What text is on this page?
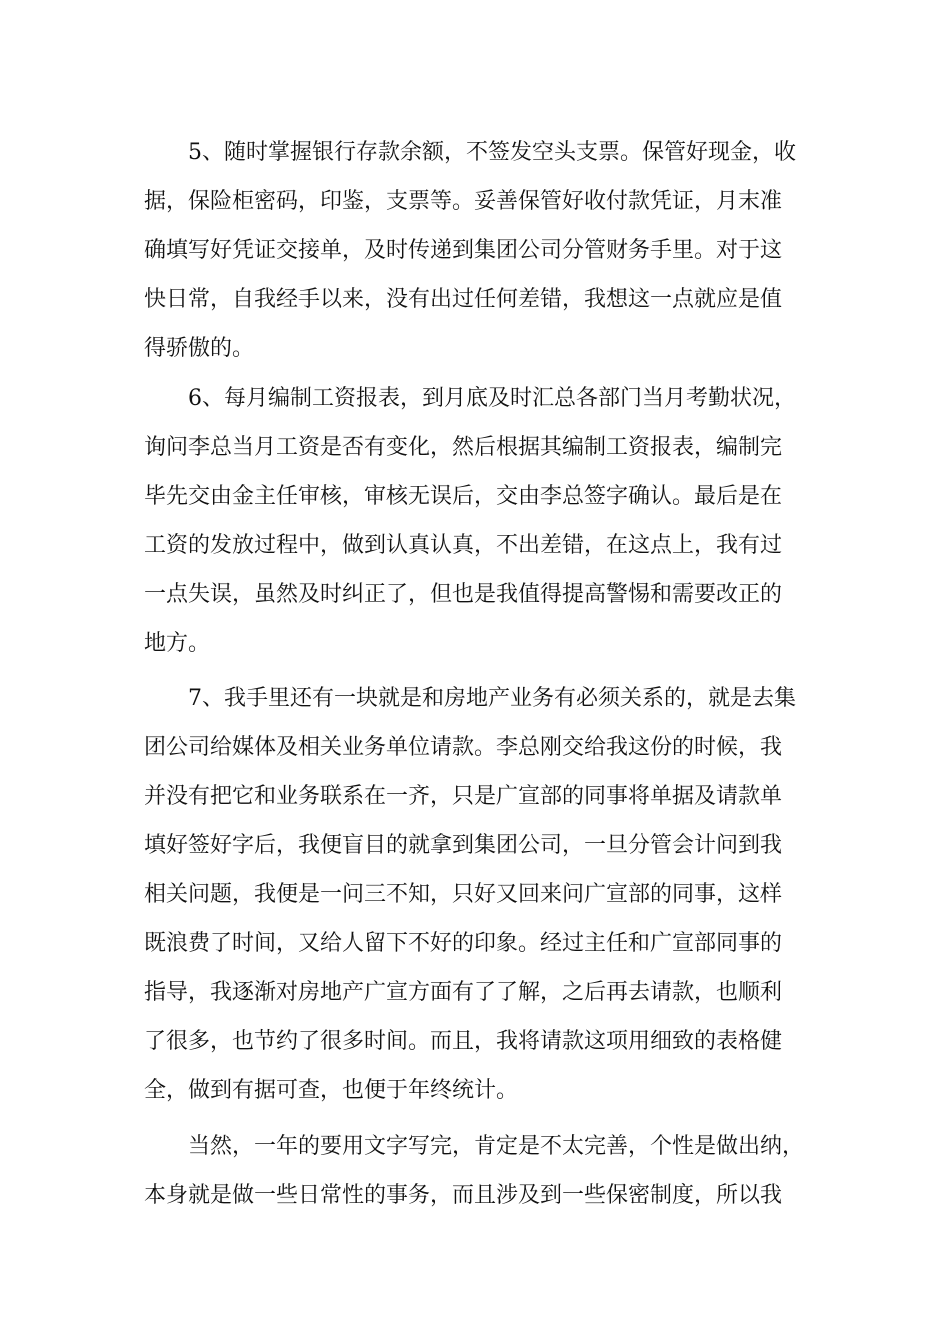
5、随时掌握银行存款余额，不签发空头支票。保管好现金，收
据，保险柜密码，印鉴，支票等。妥善保管好收付款凭证，月末准
确填写好凭证交接单，及时传递到集团公司分管财务手里。对于这
快日常，自我经手以来，没有出过任何差错，我想这一点就应是值
得骄傲的。
6、每月编制工资报表，到月底及时汇总各部门当月考勤状况，
询问李总当月工资是否有变化，然后根据其编制工资报表，编制完
毕先交由金主任审核，审核无误后，交由李总签字确认。最后是在
工资的发放过程中，做到认真认真，不出差错，在这点上，我有过
一点失误，虽然及时纠正了，但也是我值得提高警惕和需要改正的
地方。
7、我手里还有一块就是和房地产业务有必须关系的，就是去集
团公司给媒体及相关业务单位请款。李总刚交给我这份的时候，我
并没有把它和业务联系在一齐，只是广宣部的同事将单据及请款单
填好签好字后，我便盲目的就拿到集团公司，一旦分管会计问到我
相关问题，我便是一问三不知，只好又回来问广宣部的同事，这样
既浪费了时间，又给人留下不好的印象。经过主任和广宣部同事的
指导，我逐渐对房地产广宣方面有了了解，之后再去请款，也顺利
了很多，也节约了很多时间。而且，我将请款这项用细致的表格健
全，做到有据可查，也便于年终统计。
当然，一年的要用文字写完，肯定是不太完善，个性是做出纳，
本身就是做一些日常性的事务，而且涉及到一些保密制度，所以我
